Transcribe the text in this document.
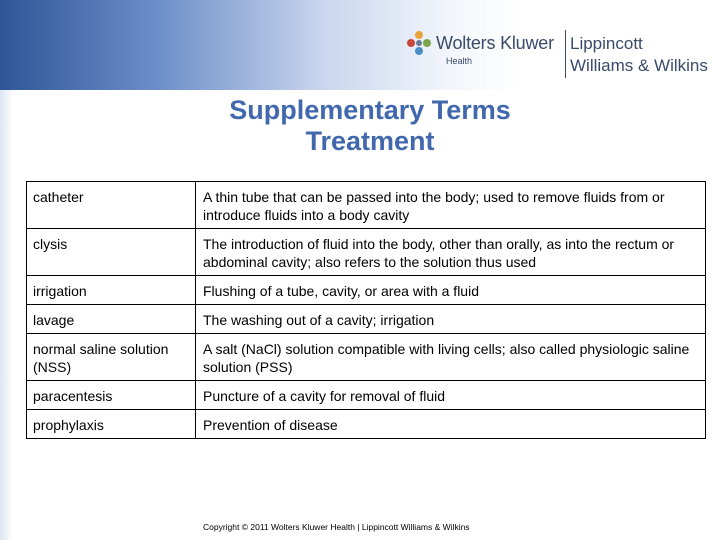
Wolters Kluwer
Health
Lippincott
Williams & Wilkins
Supplementary Terms
Treatment
catheter	A thin tube that can be passed into the body; used to remove fluids from or introduce fluids into a body cavity
clysis	The introduction of fluid into the body, other than orally, as into the rectum or abdominal cavity; also refers to the solution thus used
irrigation	Flushing of a tube, cavity, or area with a fluid
lavage	The washing out of a cavity; irrigation
normal saline solution (NSS)	A salt (NaCl) solution compatible with living cells; also called physiologic saline solution (PSS)
paracentesis	Puncture of a cavity for removal of fluid
prophylaxis	Prevention of disease
Copyright © 2011 Wolters Kluwer Health | Lippincott Williams & Wilkins
